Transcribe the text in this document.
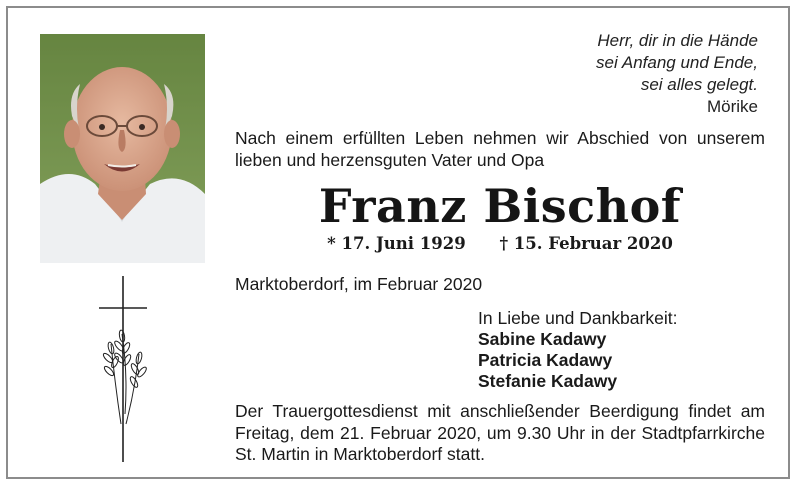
Herr, dir in die Hände
sei Anfang und Ende,
sei alles gelegt.
Mörike
Nach einem erfüllten Leben nehmen wir Abschied von unserem lieben und herzensguten Vater und Opa
Franz Bischof
* 17. Juni 1929 † 15. Februar 2020
Marktoberdorf, im Februar 2020
In Liebe und Dankbarkeit:
Sabine Kadawy
Patricia Kadawy
Stefanie Kadawy
Der Trauergottesdienst mit anschließender Beerdigung findet am Freitag, dem 21. Februar 2020, um 9.30 Uhr in der Stadtpfarrkirche St. Martin in Marktoberdorf statt.
